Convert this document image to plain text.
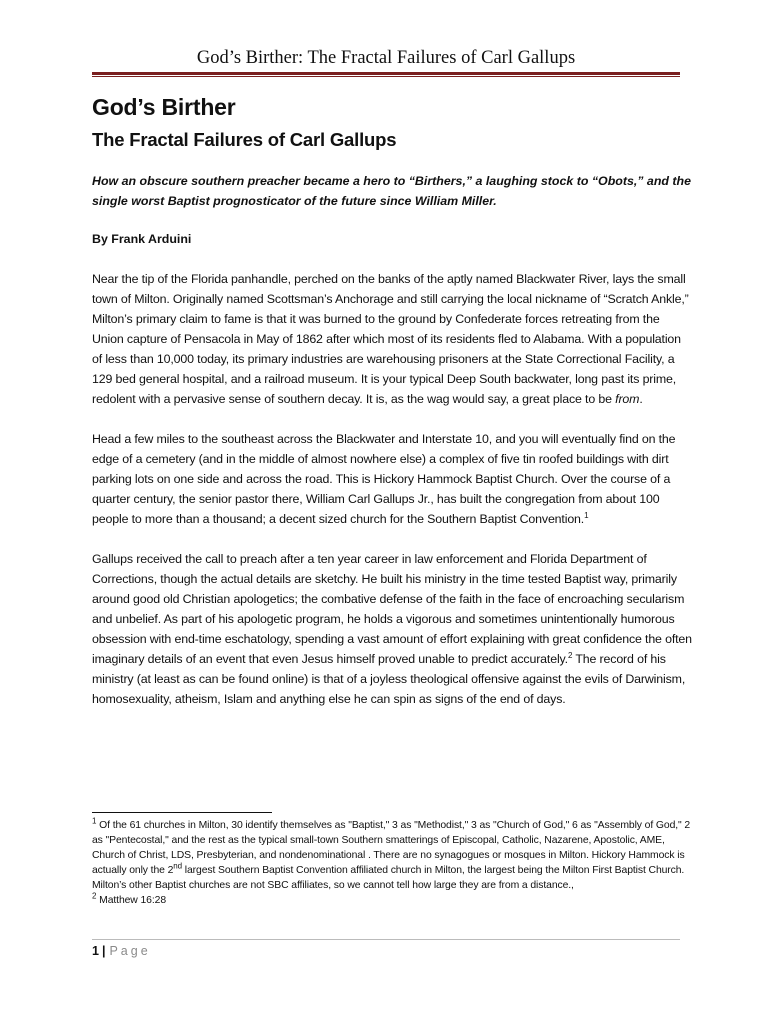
God’s Birther: The Fractal Failures of Carl Gallups
God’s Birther
The Fractal Failures of Carl Gallups

How an obscure southern preacher became a hero to “Birthers,” a laughing stock to “Obots,” and the single worst Baptist prognosticator of the future since William Miller.

By Frank Arduini

Near the tip of the Florida panhandle, perched on the banks of the aptly named Blackwater River, lays the small town of Milton. Originally named Scottsman’s Anchorage and still carrying the local nickname of “Scratch Ankle,” Milton’s primary claim to fame is that it was burned to the ground by Confederate forces retreating from the Union capture of Pensacola in May of 1862 after which most of its residents fled to Alabama. With a population of less than 10,000 today, its primary industries are warehousing prisoners at the State Correctional Facility, a 129 bed general hospital, and a railroad museum. It is your typical Deep South backwater, long past its prime, redolent with a pervasive sense of southern decay. It is, as the wag would say, a great place to be from.

Head a few miles to the southeast across the Blackwater and Interstate 10, and you will eventually find on the edge of a cemetery (and in the middle of almost nowhere else) a complex of five tin roofed buildings with dirt parking lots on one side and across the road. This is Hickory Hammock Baptist Church. Over the course of a quarter century, the senior pastor there, William Carl Gallups Jr., has built the congregation from about 100 people to more than a thousand; a decent sized church for the Southern Baptist Convention.$^1$

Gallups received the call to preach after a ten year career in law enforcement and Florida Department of Corrections, though the actual details are sketchy. He built his ministry in the time tested Baptist way, primarily around good old Christian apologetics; the combative defense of the faith in the face of encroaching secularism and unbelief. As part of his apologetic program, he holds a vigorous and sometimes unintentionally humorous obsession with end-time eschatology, spending a vast amount of effort explaining with great confidence the often imaginary details of an event that even Jesus himself proved unable to predict accurately.$^2$ The record of his ministry (at least as can be found online) is that of a joyless theological offensive against the evils of Darwinism, homosexuality, atheism, Islam and anything else he can spin as signs of the end of days.

$^1$ Of the 61 churches in Milton, 30 identify themselves as "Baptist," 3 as "Methodist," 3 as "Church of God," 6 as "Assembly of God," 2 as "Pentecostal," and the rest as the typical small-town Southern smatterings of Episcopal, Catholic, Nazarene, Apostolic, AME, Church of Christ, LDS, Presbyterian, and nondenominational . There are no synagogues or mosques in Milton. Hickory Hammock is actually only the 2nd largest Southern Baptist Convention affiliated church in Milton, the largest being the Milton First Baptist Church. Milton’s other Baptist churches are not SBC affiliates, so we cannot tell how large they are from a distance.,

$^2$ Matthew 16:28

1 | Page
